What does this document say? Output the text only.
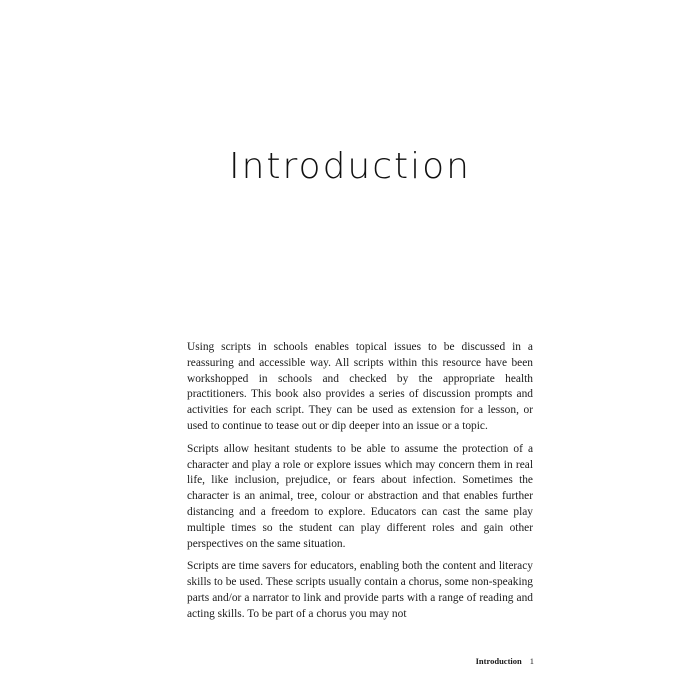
Introduction

Using scripts in schools enables topical issues to be discussed in a reassuring and accessible way. All scripts within this resource have been workshopped in schools and checked by the appropriate health practitioners. This book also provides a series of discussion prompts and activities for each script. They can be used as extension for a lesson, or used to continue to tease out or dip deeper into an issue or a topic.

Scripts allow hesitant students to be able to assume the protection of a character and play a role or explore issues which may concern them in real life, like inclusion, prejudice, or fears about infection. Sometimes the character is an animal, tree, colour or abstraction and that enables further distancing and a freedom to explore. Educators can cast the same play multiple times so the student can play different roles and gain other perspectives on the same situation.

Scripts are time savers for educators, enabling both the content and literacy skills to be used. These scripts usually contain a chorus, some non-speaking parts and/or a narrator to link and provide parts with a range of reading and acting skills. To be part of a chorus you may not

Introduction 1
